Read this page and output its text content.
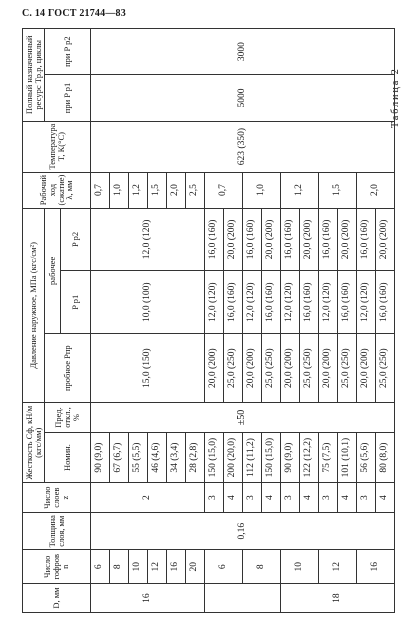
С. 14 ГОСТ 21744—83
Таблица 2
D, мм	Число гофров n	Толщина слоя, мм	Число слоев z	Жесткость Cф, кН/м (кгс/мм)		Давление наружное, МПа (кгс/см²)			Рабочий ход (сжатие) λ, мм	Температура T, К(°С)	Полный назначенный ресурс Tр.р, циклы	
				Номин.	Пред. откл., %	пробное Pпр	рабочее				при P p1	при P p2
							P p1	P p2				
16	6	0,16	2	90 (9,0)	±50	15,0 (150)	10,0 (100)	12,0 (120)	0,7	623 (350)	5000	3000
	8			67 (6,7)					1,0			
	10			55 (5,5)					1,2			
	12			46 (4,6)					1,5			
	16			34 (3,4)					2,0			
	20			28 (2,8)					2,5			
	6		3	150 (15,0)		20,0 (200)	12,0 (120)	16,0 (160)	0,7			
			4	200 (20,0)		25,0 (250)	16,0 (160)	20,0 (200)				
	8		3	112 (11,2)		20,0 (200)	12,0 (120)	16,0 (160)	1,0			
			4	150 (15,0)		25,0 (250)	16,0 (160)	20,0 (200)				
18	10		3	90 (9,0)		20,0 (200)	12,0 (120)	16,0 (160)	1,2			
			4	122 (12,2)		25,0 (250)	16,0 (160)	20,0 (200)				
	12		3	75 (7,5)		20,0 (200)	12,0 (120)	16,0 (160)	1,5			
			4	101 (10,1)		25,0 (250)	16,0 (160)	20,0 (200)				
	16		3	56 (5,6)		20,0 (200)	12,0 (120)	16,0 (160)	2,0			
			4	80 (8,0)		25,0 (250)	16,0 (160)	20,0 (200)				
